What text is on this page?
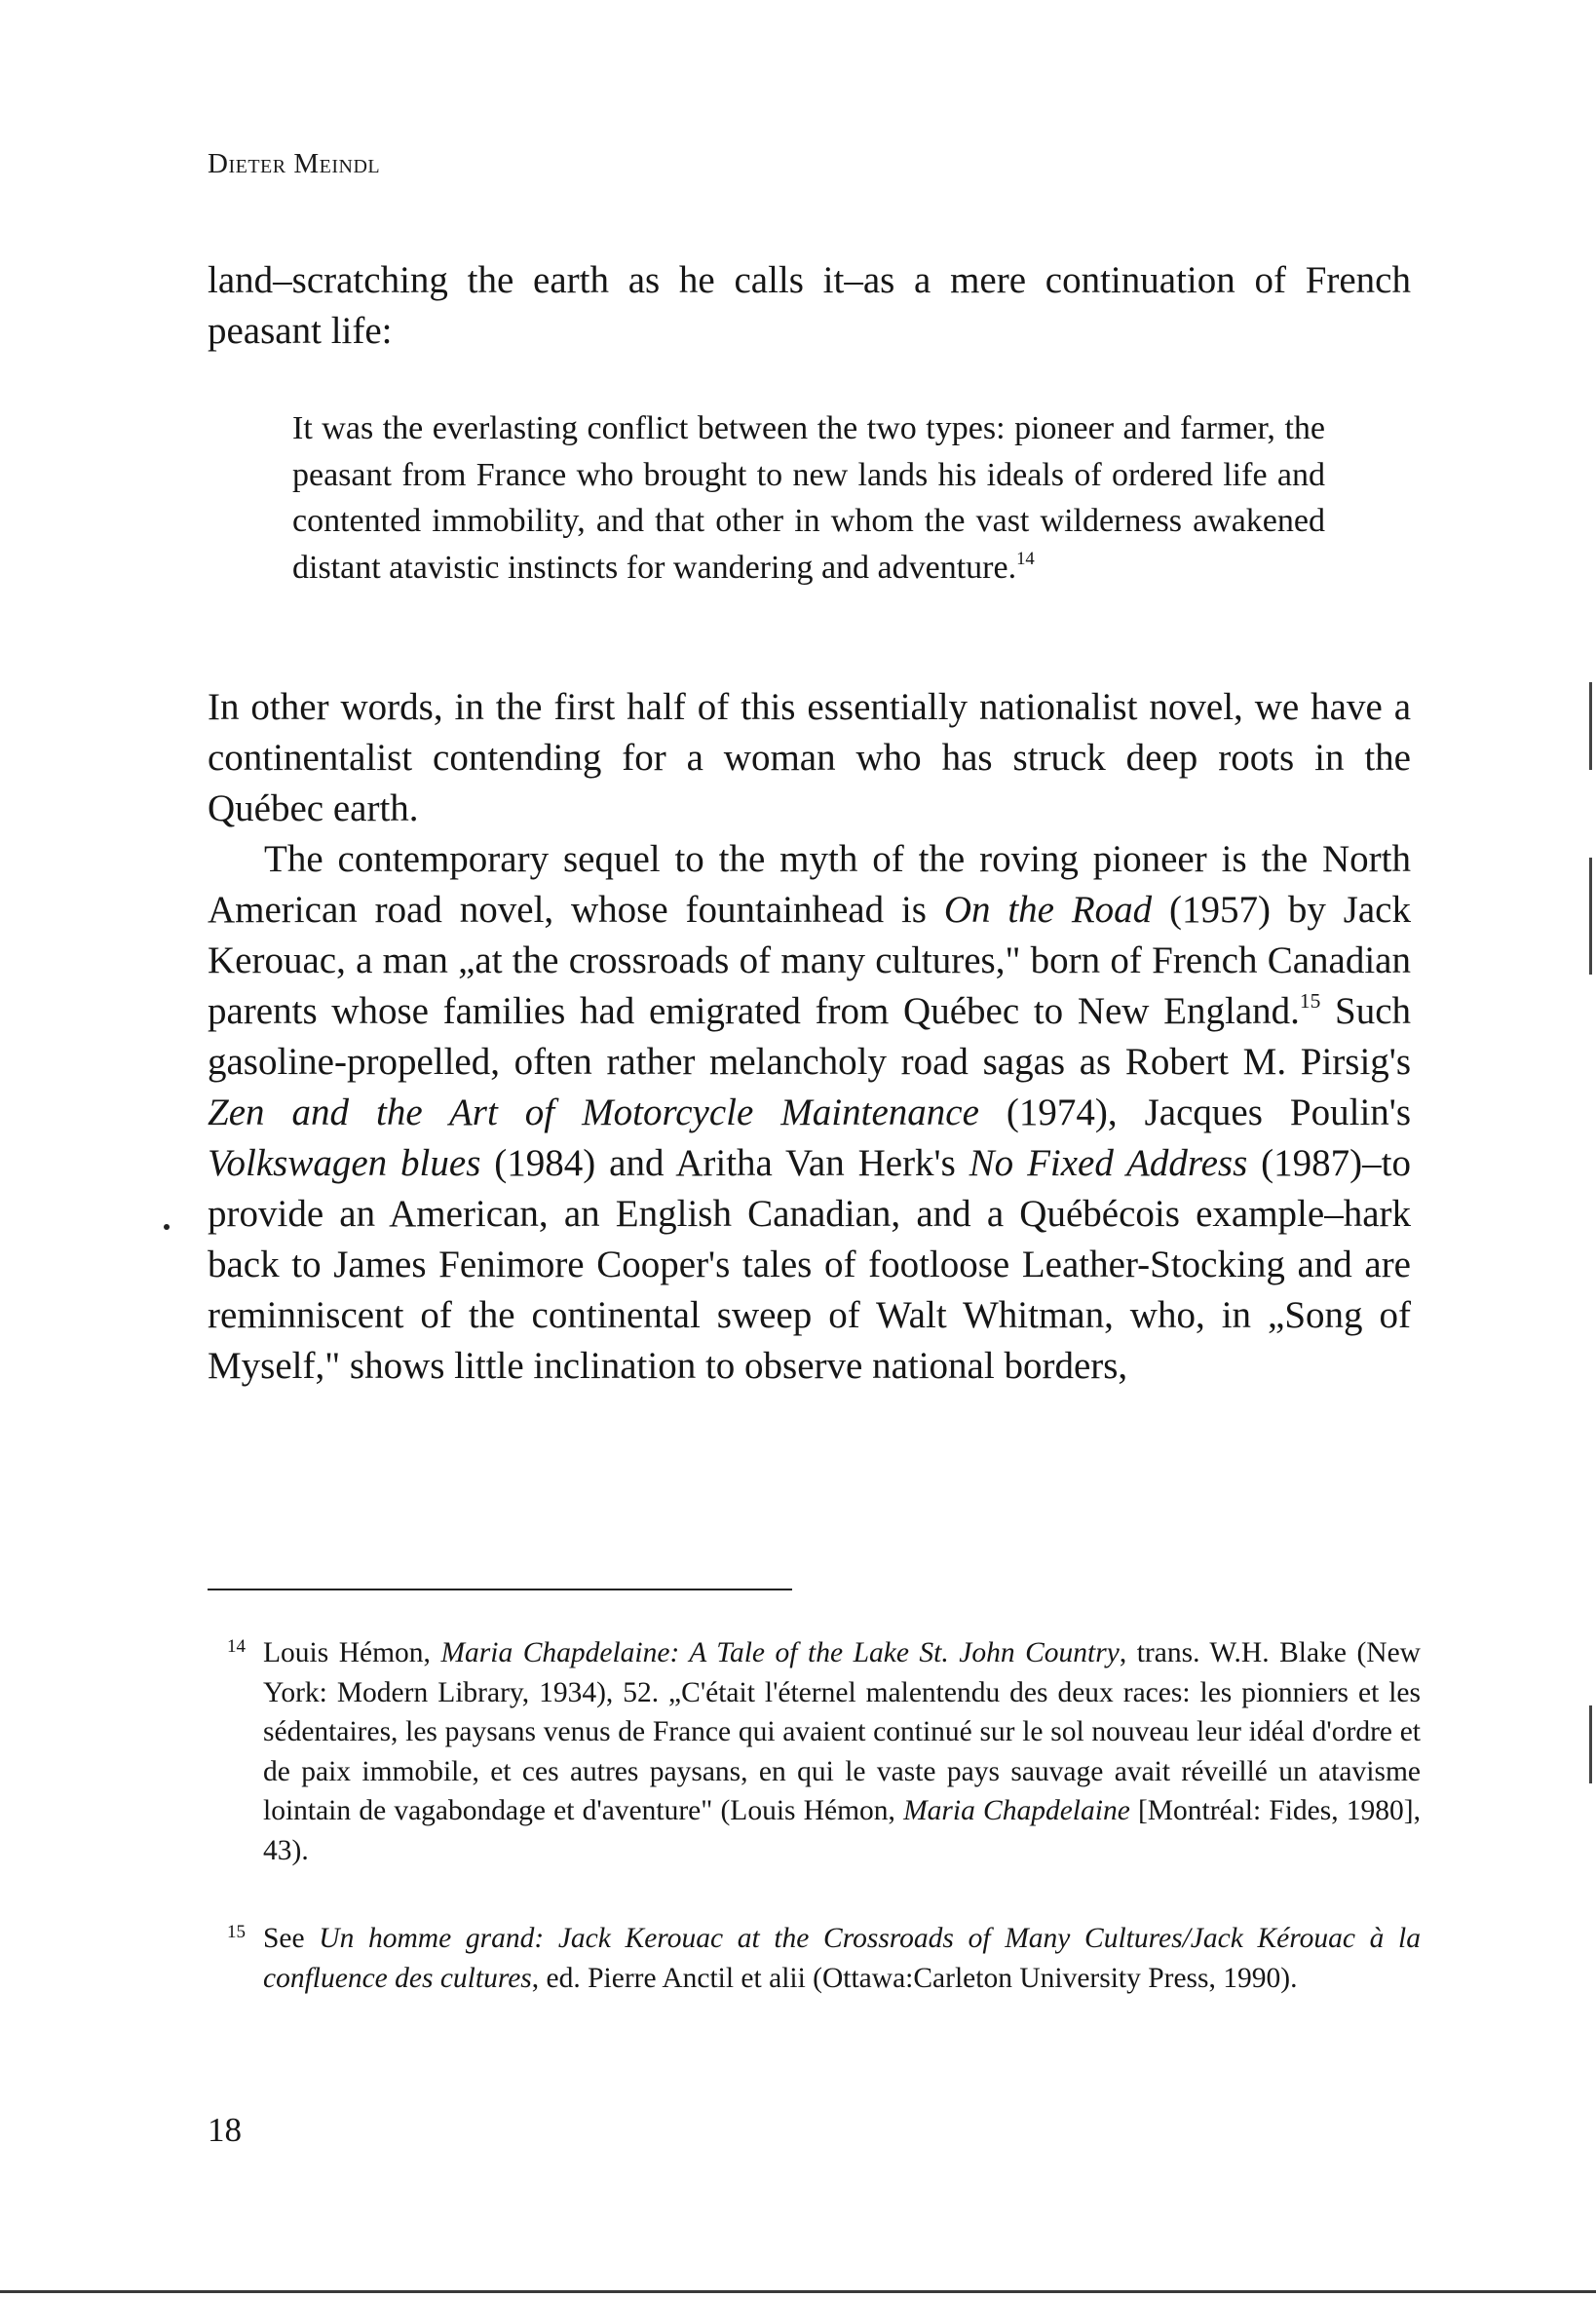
Dieter Meindl

land–scratching the earth as he calls it–as a mere continuation of French peasant life:

It was the everlasting conflict between the two types: pioneer and farmer, the peasant from France who brought to new lands his ideals of ordered life and contented immobility, and that other in whom the vast wilderness awakened distant atavistic instincts for wandering and adventure.$^{14}$

In other words, in the first half of this essentially nationalist novel, we have a continentalist contending for a woman who has struck deep roots in the Québec earth.

The contemporary sequel to the myth of the roving pioneer is the North American road novel, whose fountainhead is On the Road (1957) by Jack Kerouac, a man „at the crossroads of many cultures," born of French Canadian parents whose families had emigrated from Québec to New England.$^{15}$ Such gasoline-propelled, often rather melancholy road sagas as Robert M. Pirsig's Zen and the Art of Motorcycle Maintenance (1974), Jacques Poulin's Volkswagen blues (1984) and Aritha Van Herk's No Fixed Address (1987)–to provide an American, an English Canadian, and a Québécois example–hark back to James Fenimore Cooper's tales of footloose Leather-Stocking and are reminniscent of the continental sweep of Walt Whitman, who, in „Song of Myself," shows little inclination to observe national borders,

14 Louis Hémon, Maria Chapdelaine: A Tale of the Lake St. John Country, trans. W.H. Blake (New York: Modern Library, 1934), 52. „C'était l'éternel malentendu des deux races: les pionniers et les sédentaires, les paysans venus de France qui avaient continué sur le sol nouveau leur idéal d'ordre et de paix immobile, et ces autres paysans, en qui le vaste pays sauvage avait réveillé un atavisme lointain de vagabondage et d'aventure" (Louis Hémon, Maria Chapdelaine [Montréal: Fides, 1980], 43).
15 See Un homme grand: Jack Kerouac at the Crossroads of Many Cultures/Jack Kérouac à la confluence des cultures, ed. Pierre Anctil et alii (Ottawa:Carleton University Press, 1990).
18
